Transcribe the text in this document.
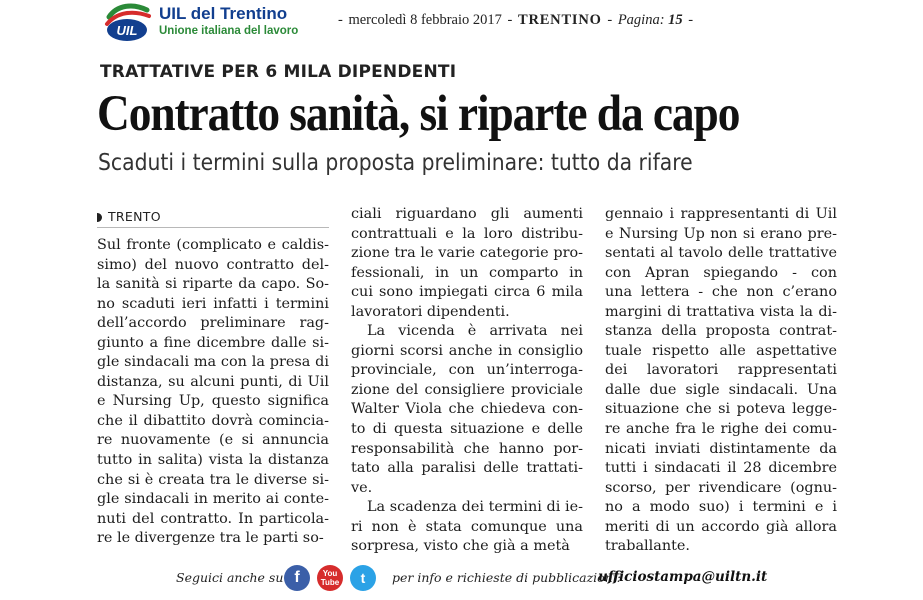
UIL
UIL del Trentino
Unione italiana del lavoro
- mercoledì 8 febbraio 2017 - TRENTINO - Pagina: 15 -
TRATTATIVE PER 6 MILA DIPENDENTI
Contratto sanità, si riparte da capo
Scaduti i termini sulla proposta preliminare: tutto da rifare
TRENTO

Sul fronte (complicato e caldis-
simo) del nuovo contratto del-
la sanità si riparte da capo. So-
no scaduti ieri infatti i termini
dell’accordo preliminare rag-
giunto a fine dicembre dalle si-
gle sindacali ma con la presa di
distanza, su alcuni punti, di Uil
e Nursing Up, questo significa
che il dibattito dovrà comincia-
re nuovamente (e si annuncia
tutto in salita) vista la distanza
che si è creata tra le diverse si-
gle sindacali in merito ai conte-
nuti del contratto. In particola-
re le divergenze tra le parti so-

ciali riguardano gli aumenti
contrattuali e la loro distribu-
zione tra le varie categorie pro-
fessionali, in un comparto in
cui sono impiegati circa 6 mila
lavoratori dipendenti.

La vicenda è arrivata nei
giorni scorsi anche in consiglio
provinciale, con un’interroga-
zione del consigliere proviciale
Walter Viola che chiedeva con-
to di questa situazione e delle
responsabilità che hanno por-
tato alla paralisi delle trattati-
ve.

La scadenza dei termini di ie-
ri non è stata comunque una
sorpresa, visto che già a metà

gennaio i rappresentanti di Uil
e Nursing Up non si erano pre-
sentati al tavolo delle trattative
con Apran spiegando - con
una lettera - che non c’erano
margini di trattativa vista la di-
stanza della proposta contrat-
tuale rispetto alle aspettative
dei lavoratori rappresentati
dalle due sigle sindacali. Una
situazione che si poteva legge-
re anche fra le righe dei comu-
nicati inviati distintamente da
tutti i sindacati il 28 dicembre
scorso, per rivendicare (ognu-
no a modo suo) i termini e i
meriti di un accordo già allora
traballante.

Seguici anche su f	You Tube t per info e richieste di pubblicazioni:
ufficiostampa@uiltn.it
